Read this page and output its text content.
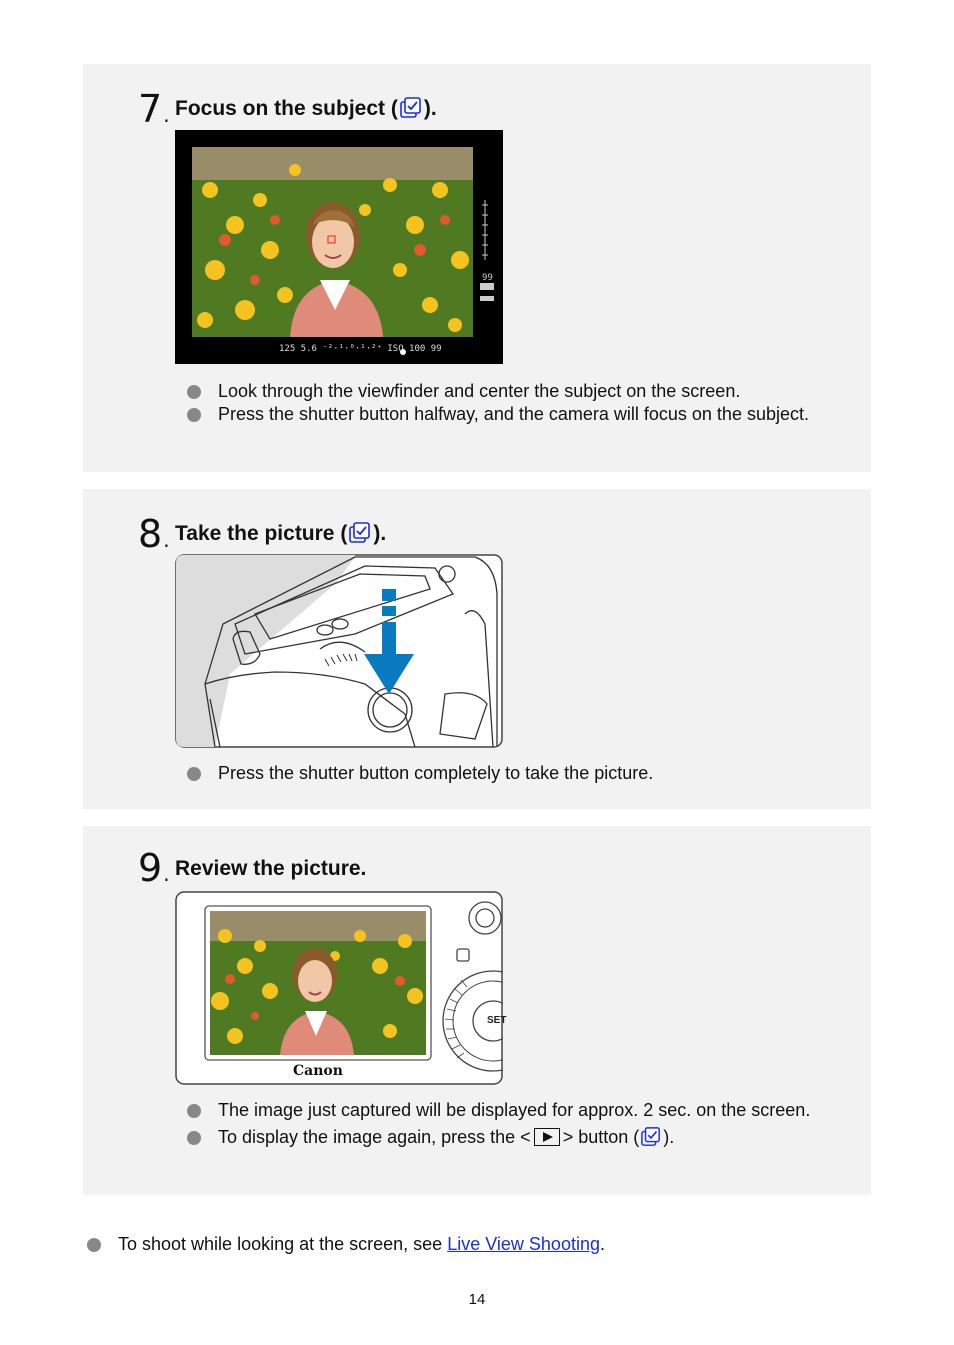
7. Focus on the subject ( ).
99
125 5.6 ⁻²·¹·⁰·¹·²⁺ ISO 100 99
Look through the viewfinder and center the subject on the screen.
Press the shutter button halfway, and the camera will focus on the subject.
8. Take the picture ( ).
Press the shutter button completely to take the picture.
9. Review the picture.
SET
Canon
The image just captured will be displayed for approx. 2 sec. on the screen.
To display the image again, press the < > button ( ).
To shoot while looking at the screen, see Live View Shooting.
14
